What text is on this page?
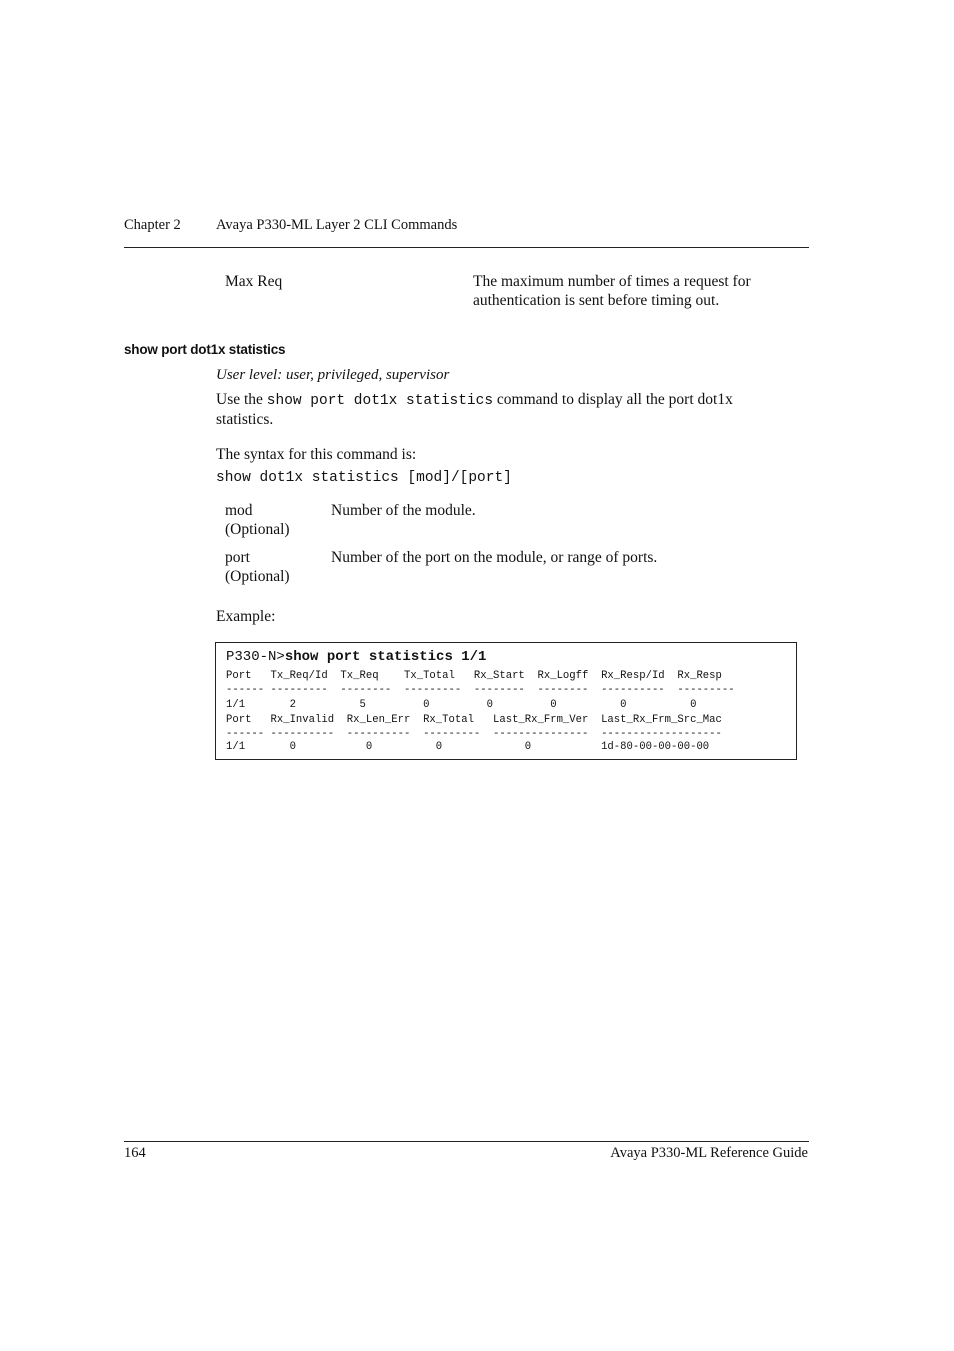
Chapter 2 Avaya P330-ML Layer 2 CLI Commands
Max Req	The maximum number of times a request for
authentication is sent before timing out.
show port dot1x statistics
User level: user, privileged, supervisor
Use the show port dot1x statistics command to display all the port dot1x
statistics.
The syntax for this command is:
show dot1x statistics [mod]/[port]
mod
(Optional)
Number of the module.
port
(Optional)
Number of the port on the module, or range of ports.
Example:
P330-N>show port statistics 1/1
Port   Tx_Req/Id  Tx_Req    Tx_Total   Rx_Start  Rx_Logff  Rx_Resp/Id  Rx_Resp
------ ---------  --------  ---------  --------  --------  ----------  ---------
1/1       2          5         0         0         0          0          0
Port   Rx_Invalid  Rx_Len_Err  Rx_Total   Last_Rx_Frm_Ver  Last_Rx_Frm_Src_Mac
------ ----------  ----------  ---------  ---------------  -------------------
1/1       0           0          0             0           1d-80-00-00-00-00
164	Avaya P330-ML Reference Guide
